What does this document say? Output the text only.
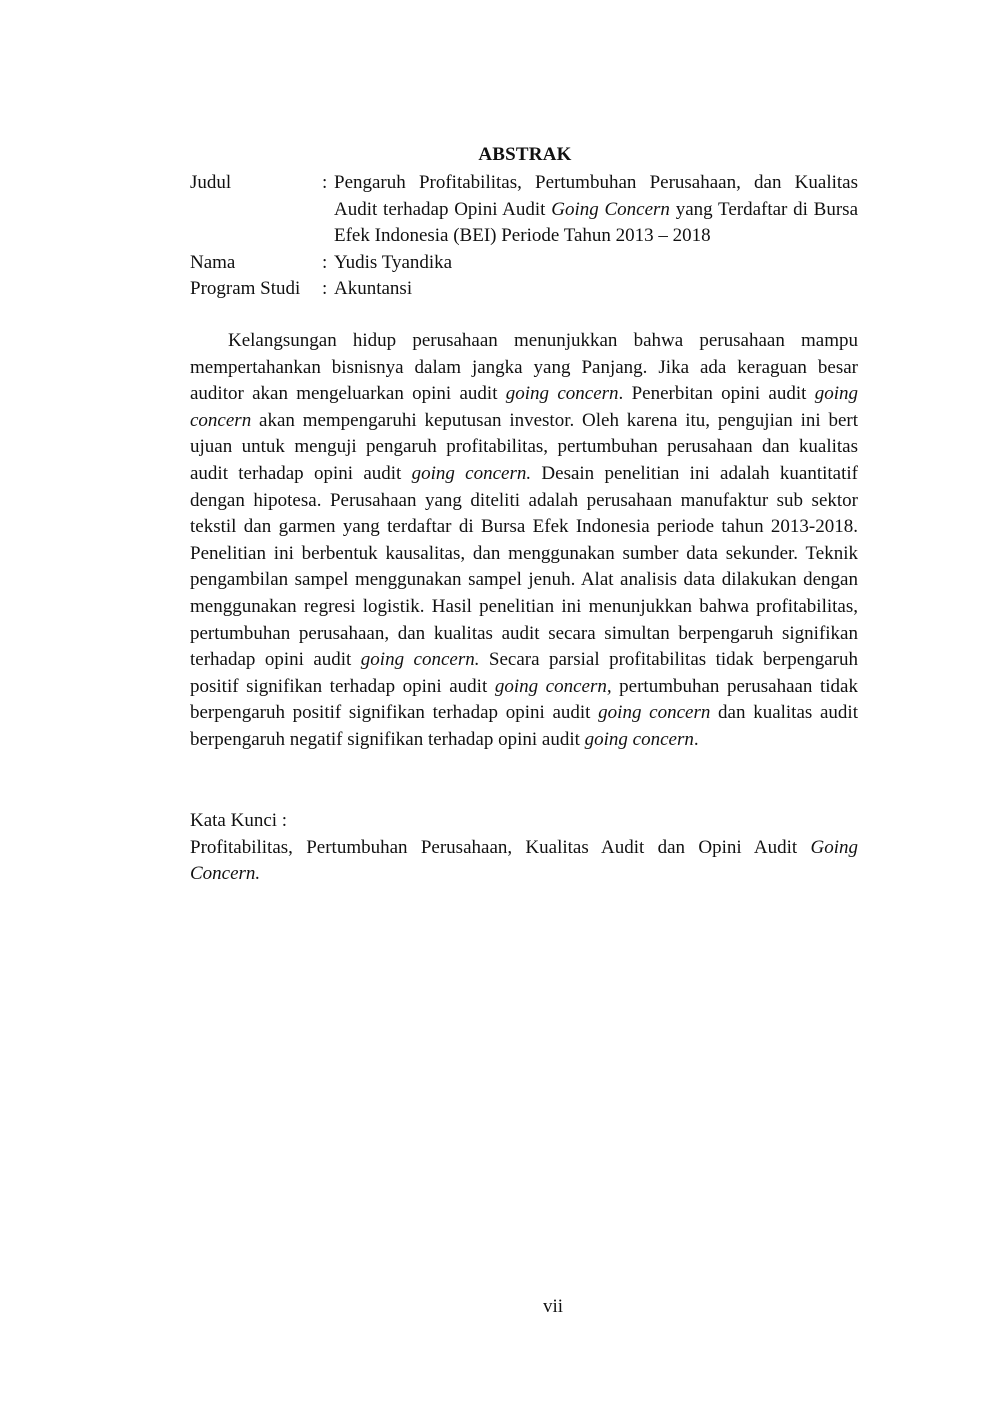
ABSTRAK
Judul	: Pengaruh Profitabilitas, Pertumbuhan Perusahaan, dan Kualitas Audit terhadap Opini Audit Going Concern yang Terdaftar di Bursa Efek Indonesia (BEI) Periode Tahun 2013 – 2018
Nama	: Yudis Tyandika
Program Studi	: Akuntansi

Kelangsungan hidup perusahaan menunjukkan bahwa perusahaan mampu mempertahankan bisnisnya dalam jangka yang Panjang. Jika ada keraguan besar auditor akan mengeluarkan opini audit going concern. Penerbitan opini audit going concern akan mempengaruhi keputusan investor. Oleh karena itu, pengujian ini bert ujuan untuk menguji pengaruh profitabilitas, pertumbuhan perusahaan dan kualitas audit terhadap opini audit going concern. Desain penelitian ini adalah kuantitatif dengan hipotesa. Perusahaan yang diteliti adalah perusahaan manufaktur sub sektor tekstil dan garmen yang terdaftar di Bursa Efek Indonesia periode tahun 2013-2018. Penelitian ini berbentuk kausalitas, dan menggunakan sumber data sekunder. Teknik pengambilan sampel menggunakan sampel jenuh. Alat analisis data dilakukan dengan menggunakan regresi logistik. Hasil penelitian ini menunjukkan bahwa profitabilitas, pertumbuhan perusahaan, dan kualitas audit secara simultan berpengaruh signifikan terhadap opini audit going concern. Secara parsial profitabilitas tidak berpengaruh positif signifikan terhadap opini audit going concern, pertumbuhan perusahaan tidak berpengaruh positif signifikan terhadap opini audit going concern dan kualitas audit berpengaruh negatif signifikan terhadap opini audit going concern.

Kata Kunci :
Profitabilitas, Pertumbuhan Perusahaan, Kualitas Audit dan Opini Audit Going Concern.
vii
